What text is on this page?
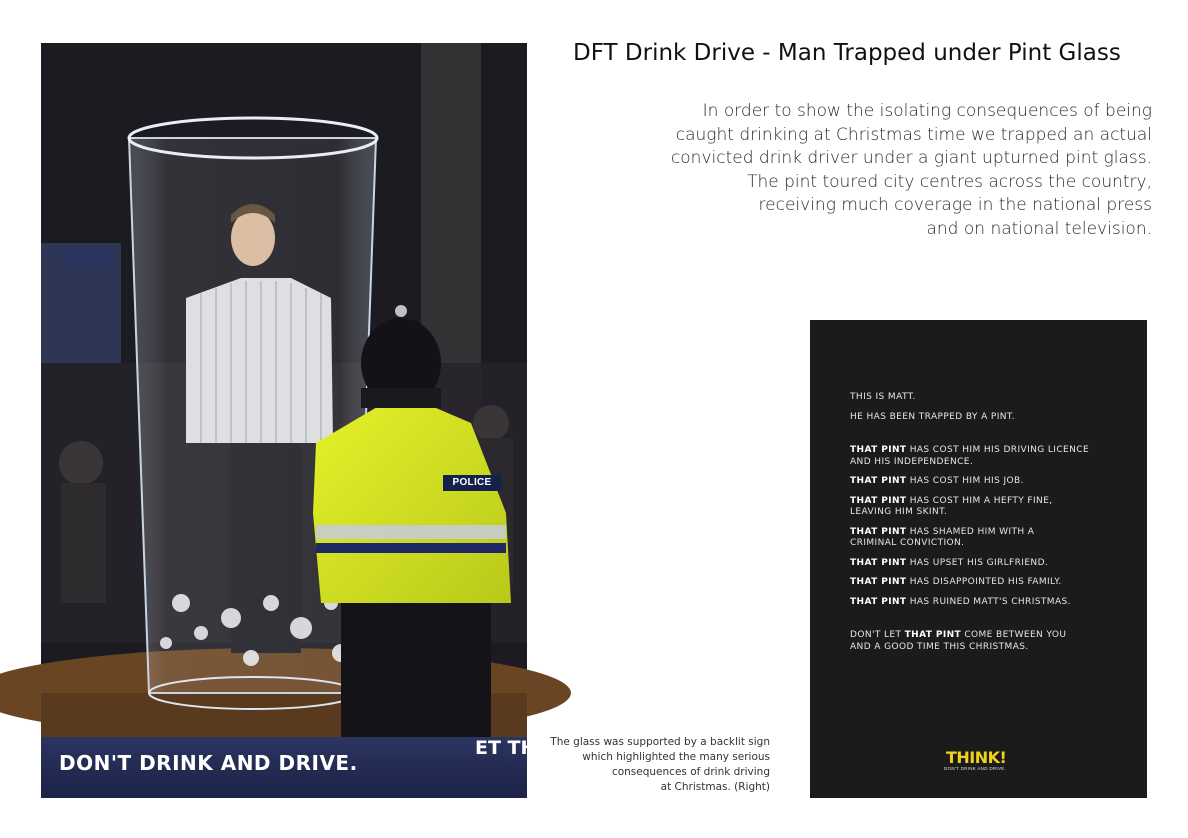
POLICE
DON'T DRINK AND DRIVE.
ET TH
DFT Drink Drive - Man Trapped under Pint Glass
In order to show the isolating consequences of being
caught drinking at Christmas time we trapped an actual
convicted drink driver under a giant upturned pint glass.
The pint toured city centres across the country,
receiving much coverage in the national press
and on national television.
The glass was supported by a backlit sign
which highlighted the many serious
consequences of drink driving
at Christmas. (Right)
THIS IS MATT.
HE HAS BEEN TRAPPED BY A PINT.
THAT PINT HAS COST HIM HIS DRIVING LICENCE
AND HIS INDEPENDENCE.
THAT PINT HAS COST HIM HIS JOB.
THAT PINT HAS COST HIM A HEFTY FINE,
LEAVING HIM SKINT.
THAT PINT HAS SHAMED HIM WITH A
CRIMINAL CONVICTION.
THAT PINT HAS UPSET HIS GIRLFRIEND.
THAT PINT HAS DISAPPOINTED HIS FAMILY.
THAT PINT HAS RUINED MATT'S CHRISTMAS.
DON'T LET THAT PINT COME BETWEEN YOU
AND A GOOD TIME THIS CHRISTMAS.
THINK!
DON'T DRINK AND DRIVE.
